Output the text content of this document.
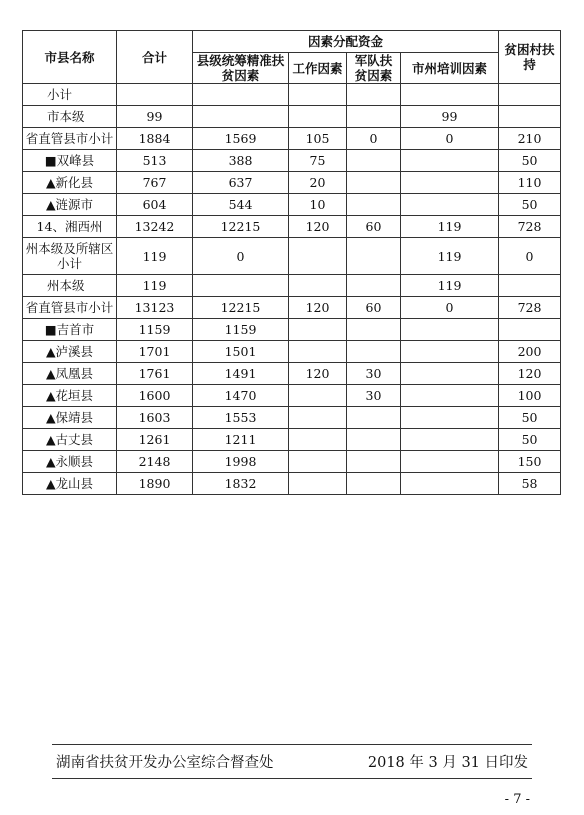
市县名称	合计	因素分配资金				贫困村扶持
		县级统筹精准扶贫因素	工作因素	军队扶贫因素	市州培训因素	
小计						
市本级	99				99	
省直管县市小计	1884	1569	105	0	0	210
■双峰县	513	388	75			50
▲新化县	767	637	20			110
▲涟源市	604	544	10			50
14、湘西州	13242	12215	120	60	119	728
州本级及所辖区小计	119	0			119	0
州本级	119				119	
省直管县市小计	13123	12215	120	60	0	728
■吉首市	1159	1159				
▲泸溪县	1701	1501				200
▲凤凰县	1761	1491	120	30		120
▲花垣县	1600	1470		30		100
▲保靖县	1603	1553				50
▲古丈县	1261	1211				50
▲永顺县	2148	1998				150
▲龙山县	1890	1832				58
湖南省扶贫开发办公室综合督查处	2018 年 3 月 31 日印发
- 7 -
